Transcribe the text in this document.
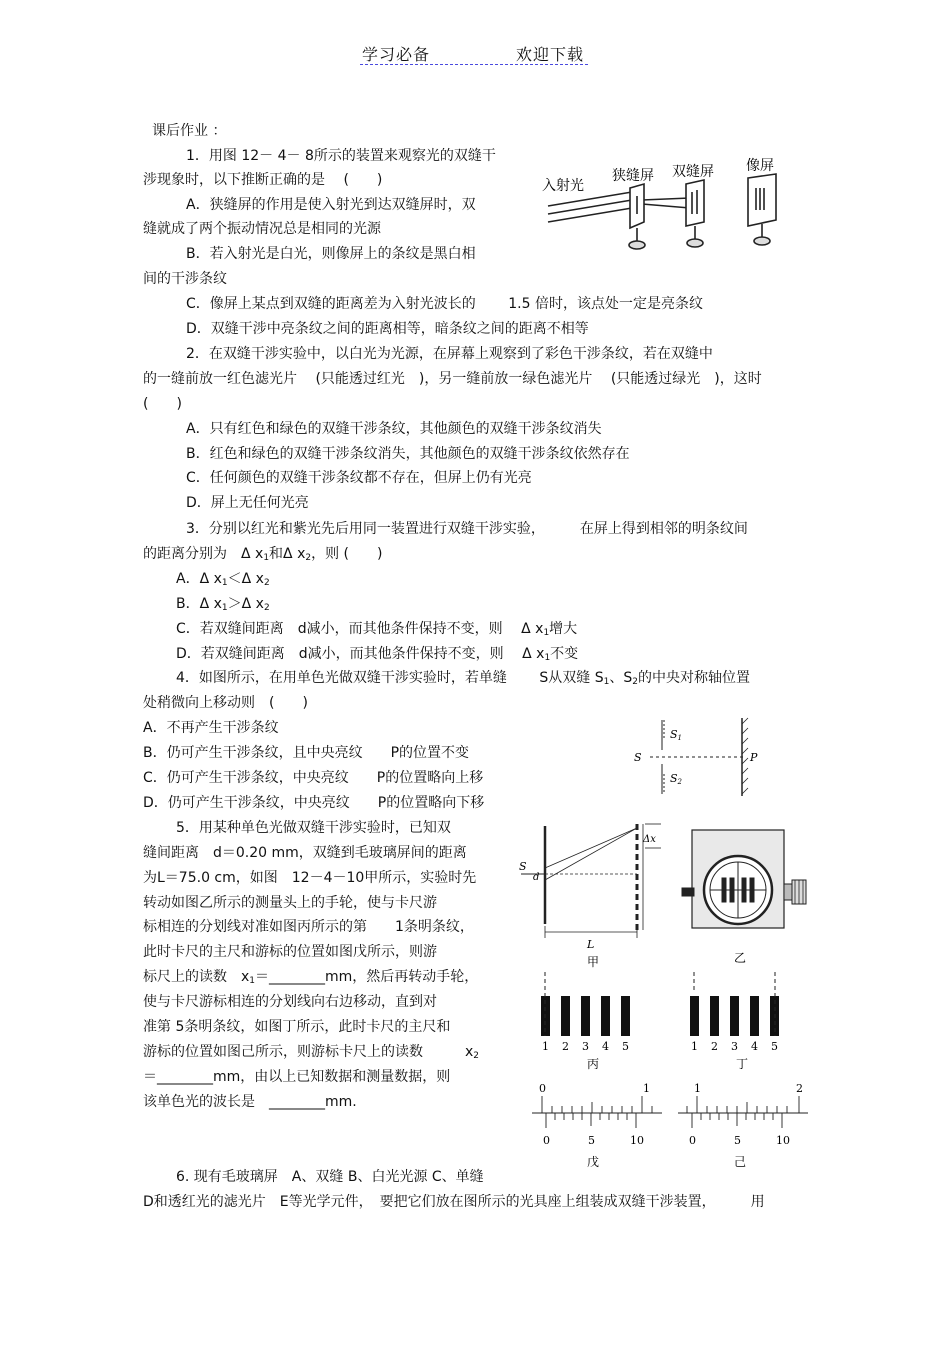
学习必备	欢迎下载
课后作业 ：
1．用图 12－ 4－ 8所示的装置来观察光的双缝干
涉现象时，以下推断正确的是　 (　　)
A．狭缝屏的作用是使入射光到达双缝屏时，双
缝就成了两个振动情况总是相同的光源
B．若入射光是白光，则像屏上的条纹是黑白相
间的干涉条纹
C．像屏上某点到双缝的距离差为入射光波长的　　 1.5 倍时，该点处一定是亮条纹
D．双缝干涉中亮条纹之间的距离相等，暗条纹之间的距离不相等
入射光
狭缝屏 双缝屏 像屏
2．在双缝干涉实验中，以白光为光源，在屏幕上观察到了彩色干涉条纹，若在双缝中
的一缝前放一红色滤光片　 (只能透过红光　)，另一缝前放一绿色滤光片　 (只能透过绿光　)，这时
(　　)
A．只有红色和绿色的双缝干涉条纹，其他颜色的双缝干涉条纹消失
B．红色和绿色的双缝干涉条纹消失，其他颜色的双缝干涉条纹依然存在
C．任何颜色的双缝干涉条纹都不存在，但屏上仍有光亮
D．屏上无任何光亮
3．分别以红光和紫光先后用同一装置进行双缝干涉实验，　　　在屏上得到相邻的明条纹间
的距离分别为　Δ $x_1$和Δ $x_2$，则 (　　)
A．Δ $x_1<\Delta$ $x_2$
B．Δ $x_1>\Delta$ $x_2$
C．若双缝间距离　d减小，而其他条件保持不变，则　 Δ $x_1$增大
D．若双缝间距离　d减小，而其他条件保持不变，则　 Δ $x_1$不变
4．如图所示，在用单色光做双缝干涉实验时，若单缝　　 S从双缝 $S_1$、$S_2$的中央对称轴位置
处稍微向上移动则　(　　)
A．不再产生干涉条纹
B．仍可产生干涉条纹，且中央亮纹　　P的位置不变
C．仍可产生干涉条纹，中央亮纹　　P的位置略向上移
D．仍可产生干涉条纹，中央亮纹　　P的位置略向下移
S
S1
S2
P
5．用某种单色光做双缝干涉实验时，已知双
缝间距离　d＝0.20 mm，双缝到毛玻璃屏间的距离
为L＝75.0 cm，如图　12－4－10甲所示，实验时先
转动如图乙所示的测量头上的手轮，使与卡尺游
标相连的分划线对准如图丙所示的第　　1条明条纹，
此时卡尺的主尺和游标的位置如图戊所示，则游
标尺上的读数　$x_1=\_\_\_\_\_\_\_\_mm$，然后再转动手轮，
使与卡尺游标相连的分划线向右边移动，直到对
准第 5条明条纹，如图丁所示，此时卡尺的主尺和
游标的位置如图己所示，则游标卡尺上的读数　　　$x_2$
＝________mm，由以上已知数据和测量数据，则
该单色光的波长是　________mm.
S
d
L
Δx
甲	乙
1 2 3 4 5
丙
1 2 3 4 5
丁
0	1
0	5	10
戊
1	2
0	5	10
己
6. 现有毛玻璃屏　A、双缝 B、白光光源 C、单缝
D和透红光的滤光片　E等光学元件，　要把它们放在图所示的光具座上组装成双缝干涉装置，　　　用
